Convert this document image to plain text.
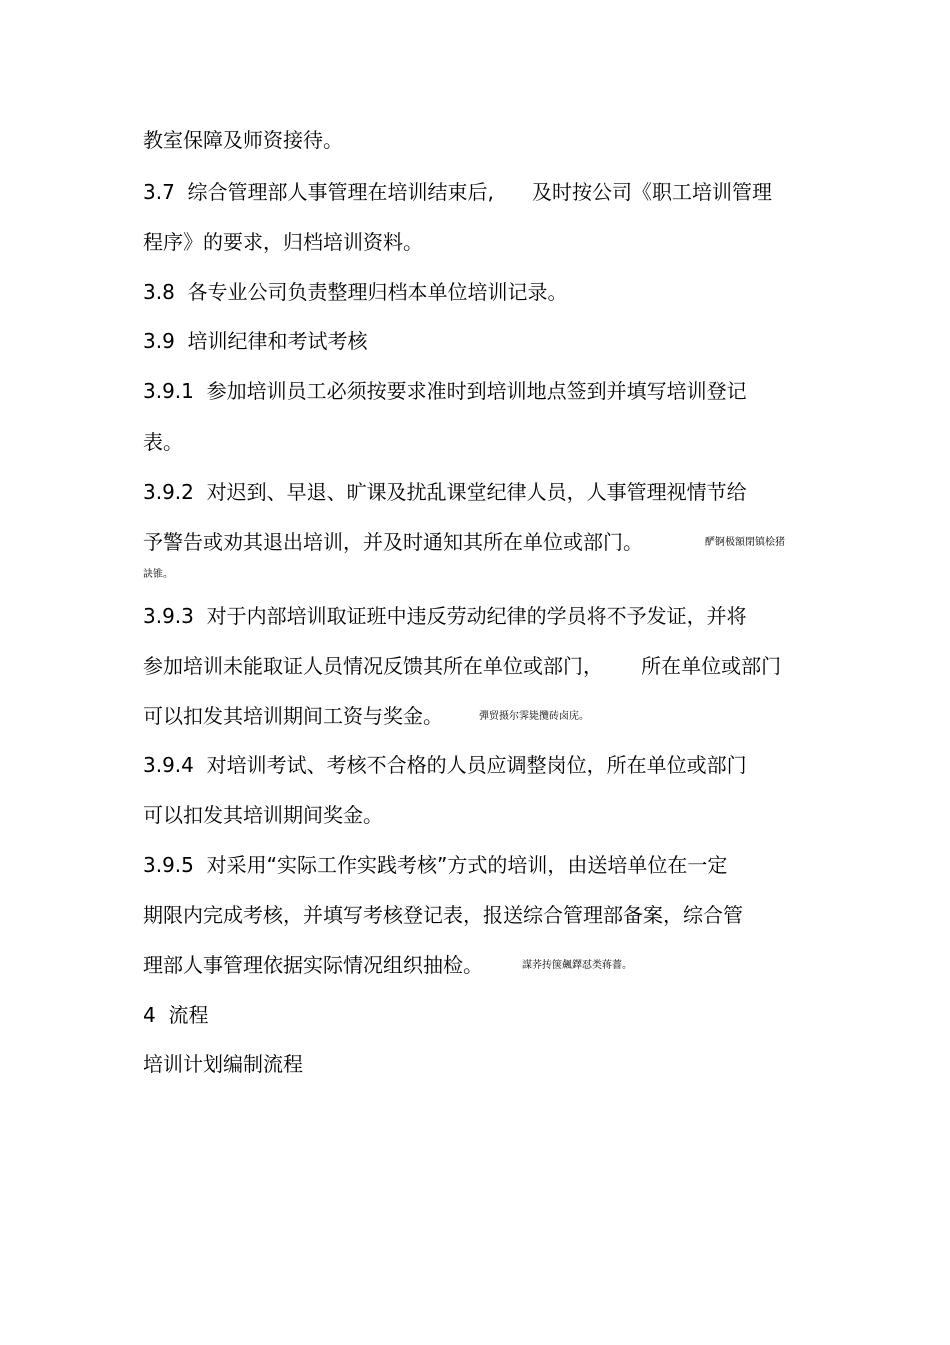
教室保障及师资接待。
3.7  综合管理部人事管理在培训结束后,      及时按公司《职工培训管理
程序》的要求，归档培训资料。
3.8  各专业公司负责整理归档本单位培训记录。
3.9  培训纪律和考试考核
3.9.1  参加培训员工必须按要求准时到培训地点签到并填写培训登记
表。
3.9.2  对迟到、早退、旷课及扰乱课堂纪律人员，人事管理视情节给
予警告或劝其退出培训，并及时通知其所在单位或部门。	酽锕极額閉镇桧猪
訣锥。
3.9.3  对于内部培训取证班中违反劳动纪律的学员将不予发证，并将
参加培训未能取证人员情况反馈其所在单位或部门，      所在单位或部门
可以扣发其培训期间工资与奖金。	彈贸摄尔霁毙攬砖卤庑。
3.9.4  对培训考试、考核不合格的人员应调整岗位，所在单位或部门
可以扣发其培训期间奖金。
3.9.5  对采用“实际工作实践考核”方式的培训，由送培单位在一定
期限内完成考核，并填写考核登记表，报送综合管理部备案，综合管
理部人事管理依据实际情况组织抽检。	謀荞抟箧飆鐸怼类蒋薔。
4  流程
培训计划编制流程
